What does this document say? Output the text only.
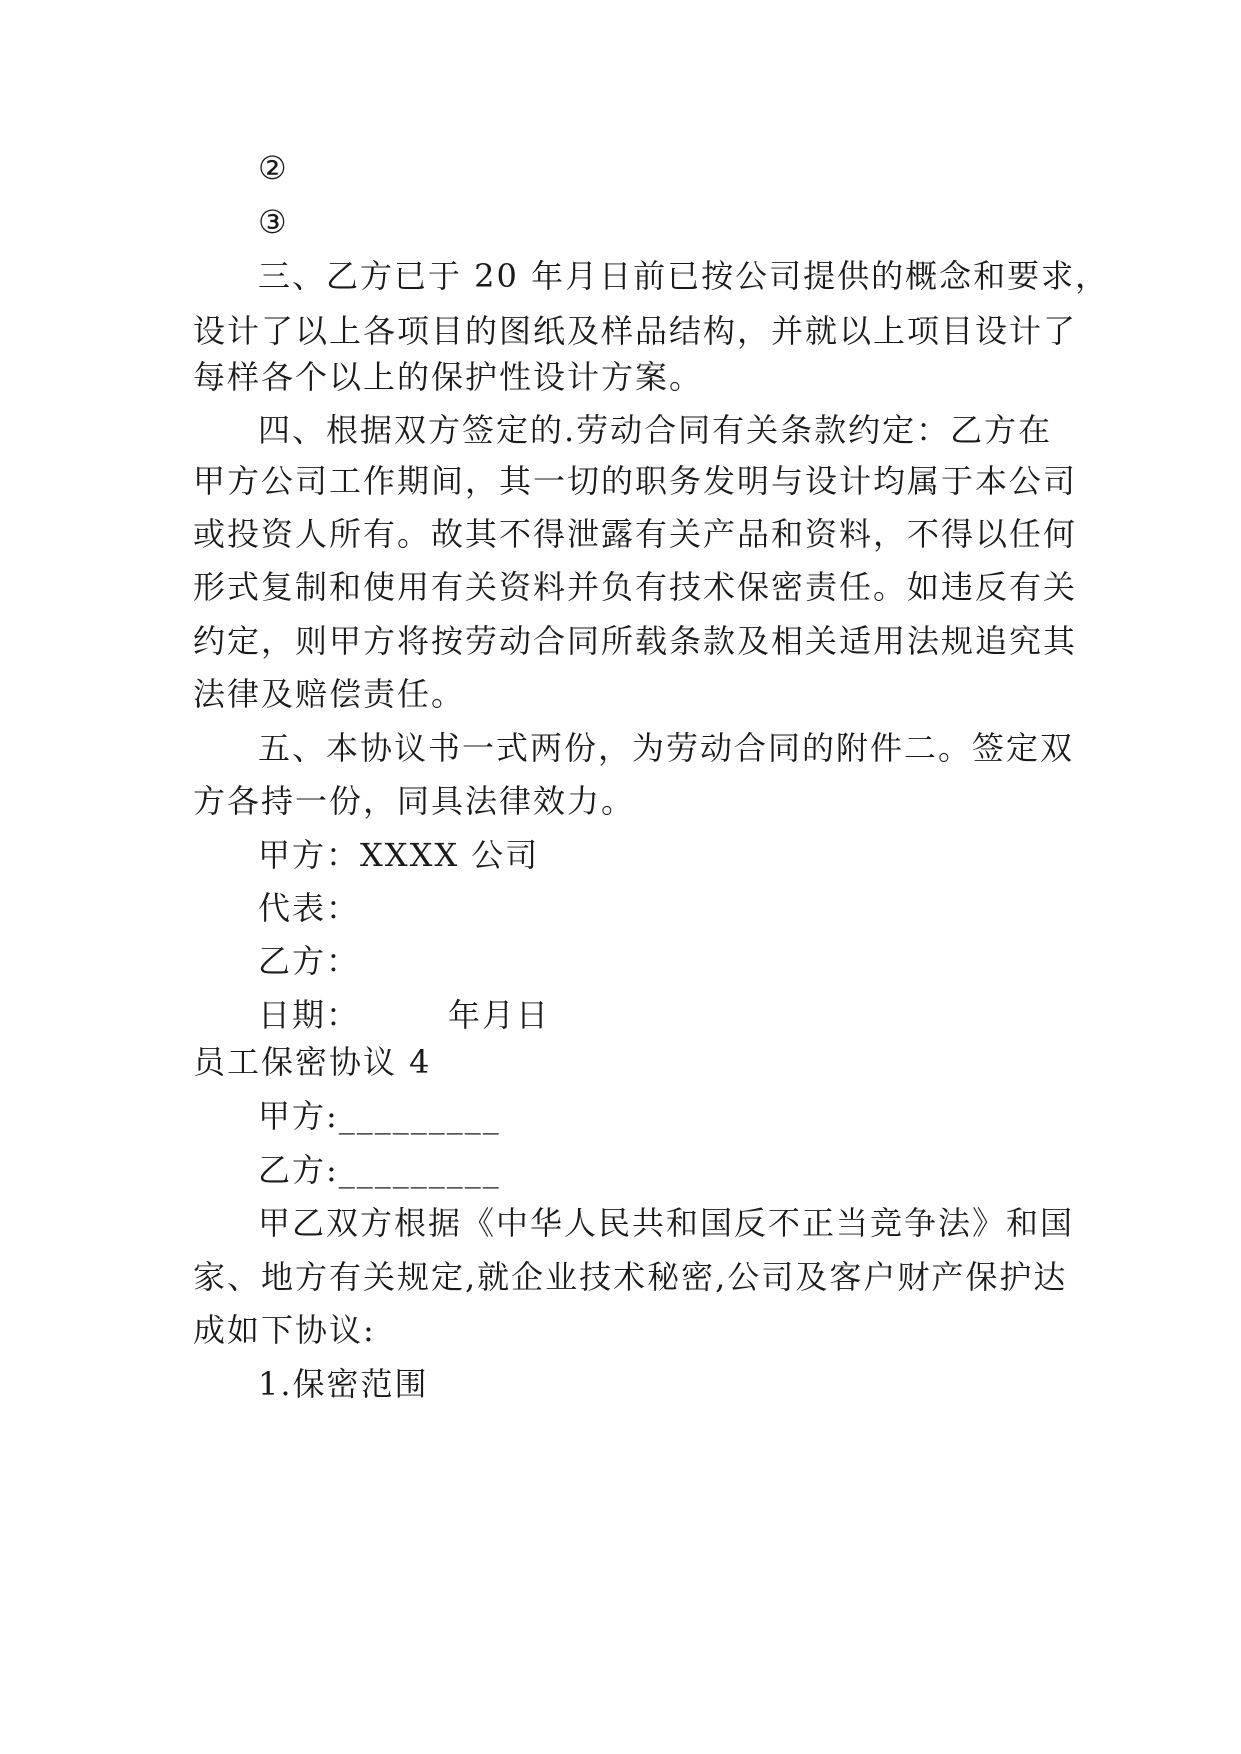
②
③
三、乙方已于 20 年月日前已按公司提供的概念和要求，
设计了以上各项目的图纸及样品结构，并就以上项目设计了
每样各个以上的保护性设计方案。
四、根据双方签定的.劳动合同有关条款约定：乙方在
甲方公司工作期间，其一切的职务发明与设计均属于本公司
或投资人所有。故其不得泄露有关产品和资料，不得以任何
形式复制和使用有关资料并负有技术保密责任。如违反有关
约定，则甲方将按劳动合同所载条款及相关适用法规追究其
法律及赔偿责任。
五、本协议书一式两份，为劳动合同的附件二。签定双
方各持一份，同具法律效力。
甲方：XXXX 公司
代表：
乙方：
日期：	年月日
员工保密协议 4
甲方:_________
乙方:_________
甲乙双方根据《中华人民共和国反不正当竞争法》和国
家、地方有关规定,就企业技术秘密,公司及客户财产保护达
成如下协议:
1.保密范围
